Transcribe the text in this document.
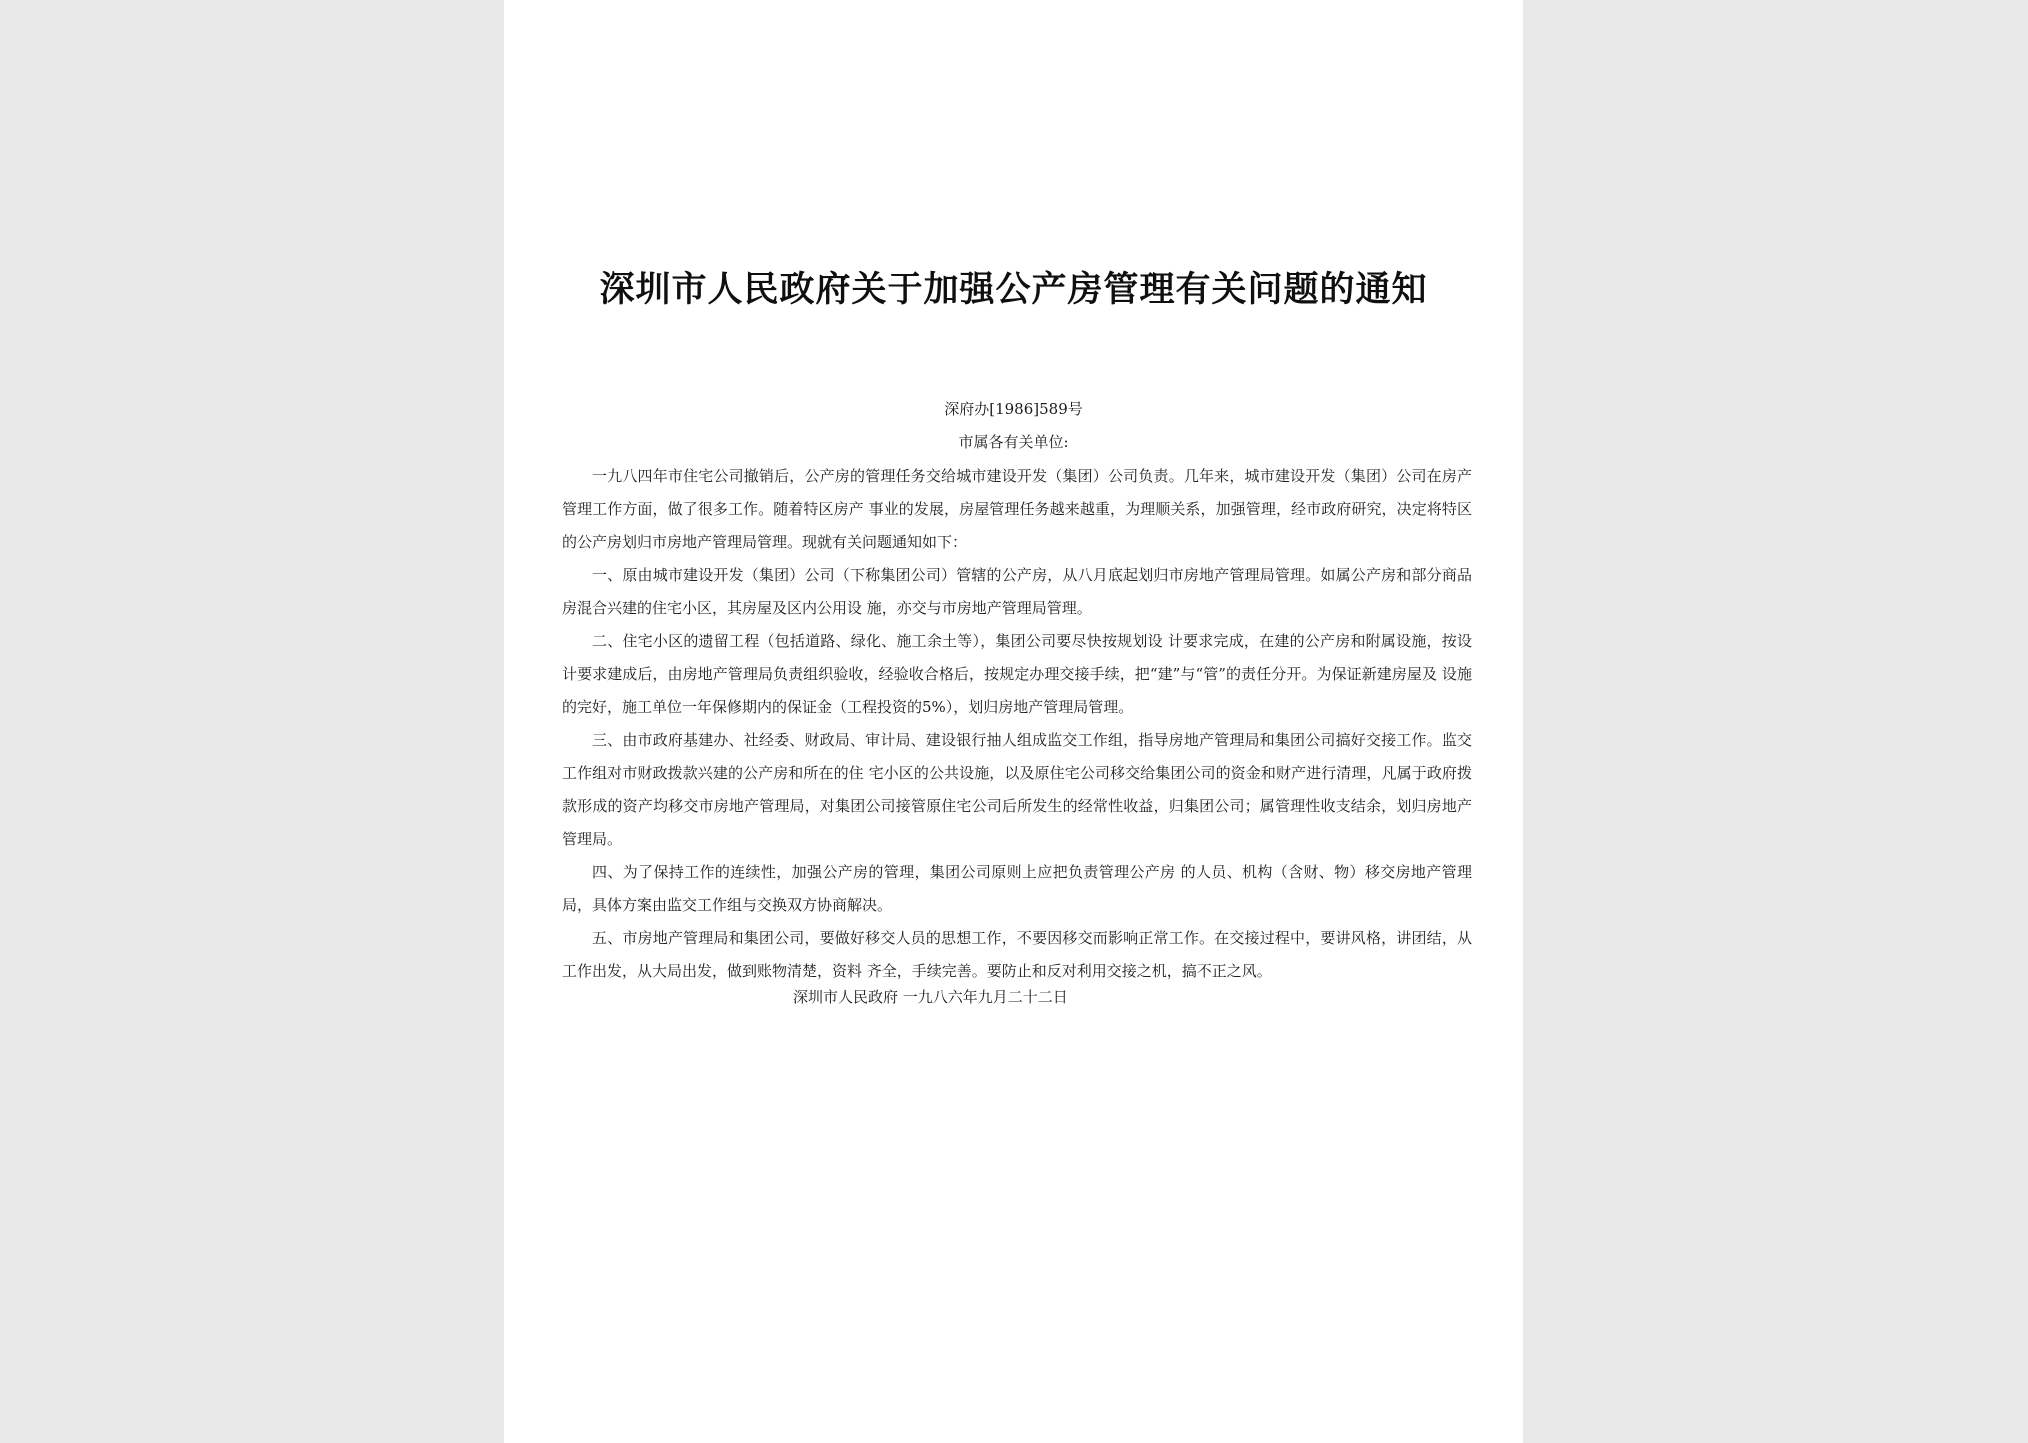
深圳市人民政府关于加强公产房管理有关问题的通知
深府办[1986]589号
市属各有关单位:

一九八四年市住宅公司撤销后，公产房的管理任务交给城市建设开发（集团）公司负责。几年来，城市建设开发（集团）公司在房产管理工作方面，做了很多工作。随着特区房产 事业的发展，房屋管理任务越来越重，为理顺关系，加强管理，经市政府研究，决定将特区的公产房划归市房地产管理局管理。现就有关问题通知如下：

一、原由城市建设开发（集团）公司（下称集团公司）管辖的公产房，从八月底起划归市房地产管理局管理。如属公产房和部分商品房混合兴建的住宅小区，其房屋及区内公用设 施，亦交与市房地产管理局管理。

二、住宅小区的遗留工程（包括道路、绿化、施工余土等），集团公司要尽快按规划设 计要求完成，在建的公产房和附属设施，按设计要求建成后，由房地产管理局负责组织验收，经验收合格后，按规定办理交接手续，把“建”与“管”的责任分开。为保证新建房屋及 设施的完好，施工单位一年保修期内的保证金（工程投资的5%），划归房地产管理局管理。

三、由市政府基建办、社经委、财政局、审计局、建设银行抽人组成监交工作组，指导房地产管理局和集团公司搞好交接工作。监交工作组对市财政拨款兴建的公产房和所在的住 宅小区的公共设施，以及原住宅公司移交给集团公司的资金和财产进行清理，凡属于政府拨款形成的资产均移交市房地产管理局，对集团公司接管原住宅公司后所发生的经常性收益，归集团公司；属管理性收支结余，划归房地产管理局。

四、为了保持工作的连续性，加强公产房的管理，集团公司原则上应把负责管理公产房 的人员、机构（含财、物）移交房地产管理局，具体方案由监交工作组与交换双方协商解决。

五、市房地产管理局和集团公司，要做好移交人员的思想工作，不要因移交而影响正常工作。在交接过程中，要讲风格，讲团结，从工作出发，从大局出发，做到账物清楚，资料 齐全，手续完善。要防止和反对利用交接之机，搞不正之风。

深圳市人民政府 一九八六年九月二十二日
